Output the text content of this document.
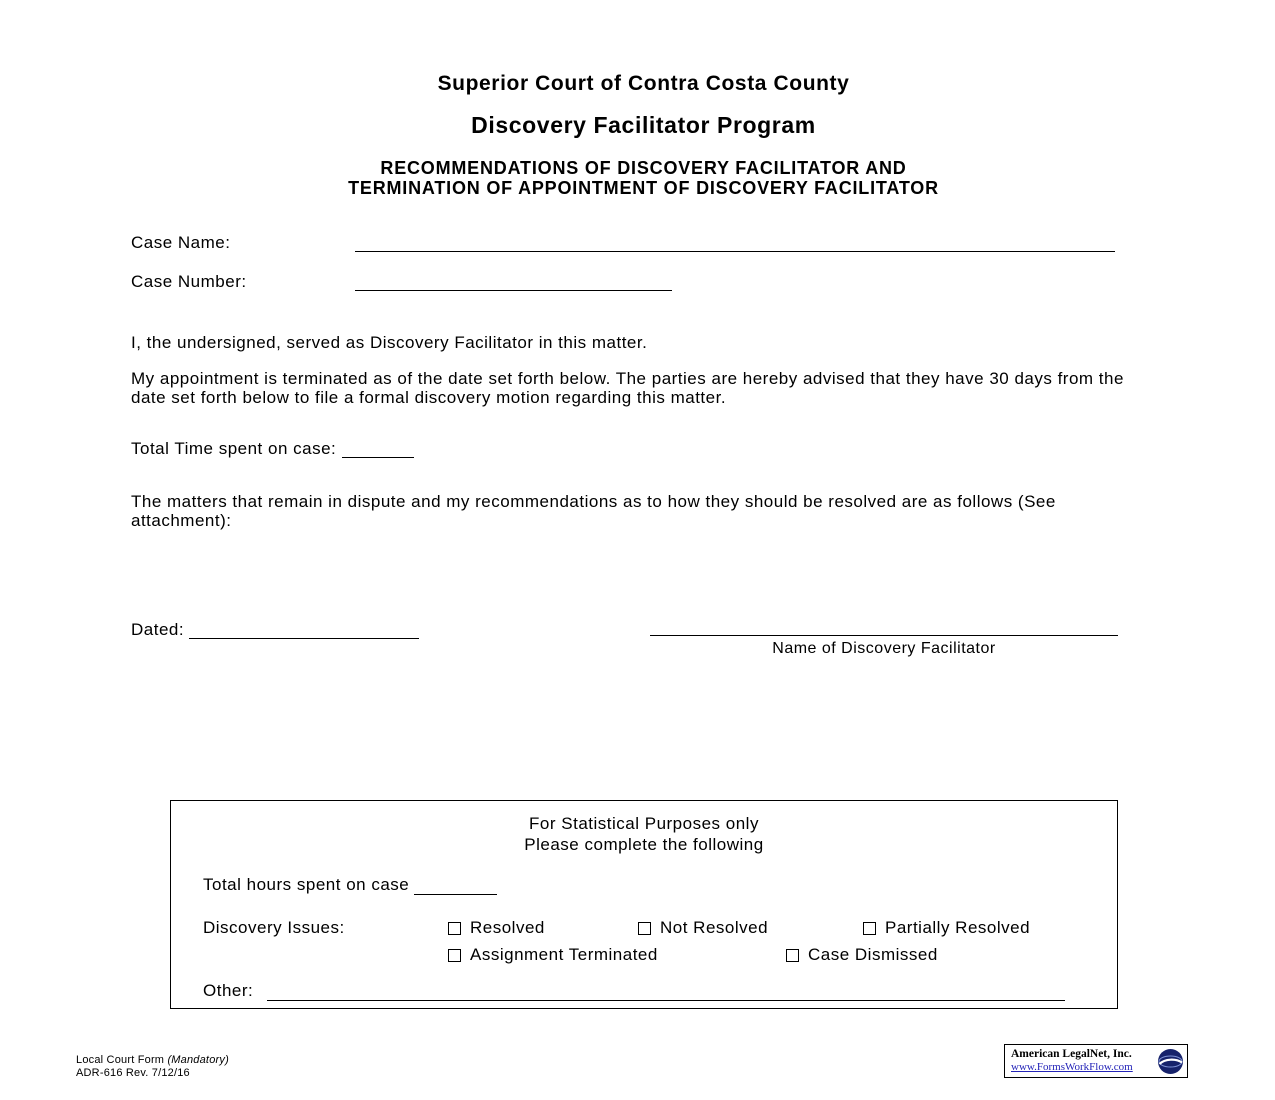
Superior Court of Contra Costa County
Discovery Facilitator Program
RECOMMENDATIONS OF DISCOVERY FACILITATOR AND
TERMINATION OF APPOINTMENT OF DISCOVERY FACILITATOR
Case Name:
Case Number:
I, the undersigned, served as Discovery Facilitator in this matter.
My appointment is terminated as of the date set forth below. The parties are hereby advised that they have 30 days from the date set forth below to file a formal discovery motion regarding this matter.
Total Time spent on case:
The matters that remain in dispute and my recommendations as to how they should be resolved are as follows (See attachment):
Dated:
Name of Discovery Facilitator
For Statistical Purposes only
Please complete the following
Total hours spent on case
Discovery Issues:	Resolved	Not Resolved	Partially Resolved
Assignment Terminated	Case Dismissed
Other:
Local Court Form (Mandatory)
ADR-616 Rev. 7/12/16
American LegalNet, Inc.
www.FormsWorkFlow.com
